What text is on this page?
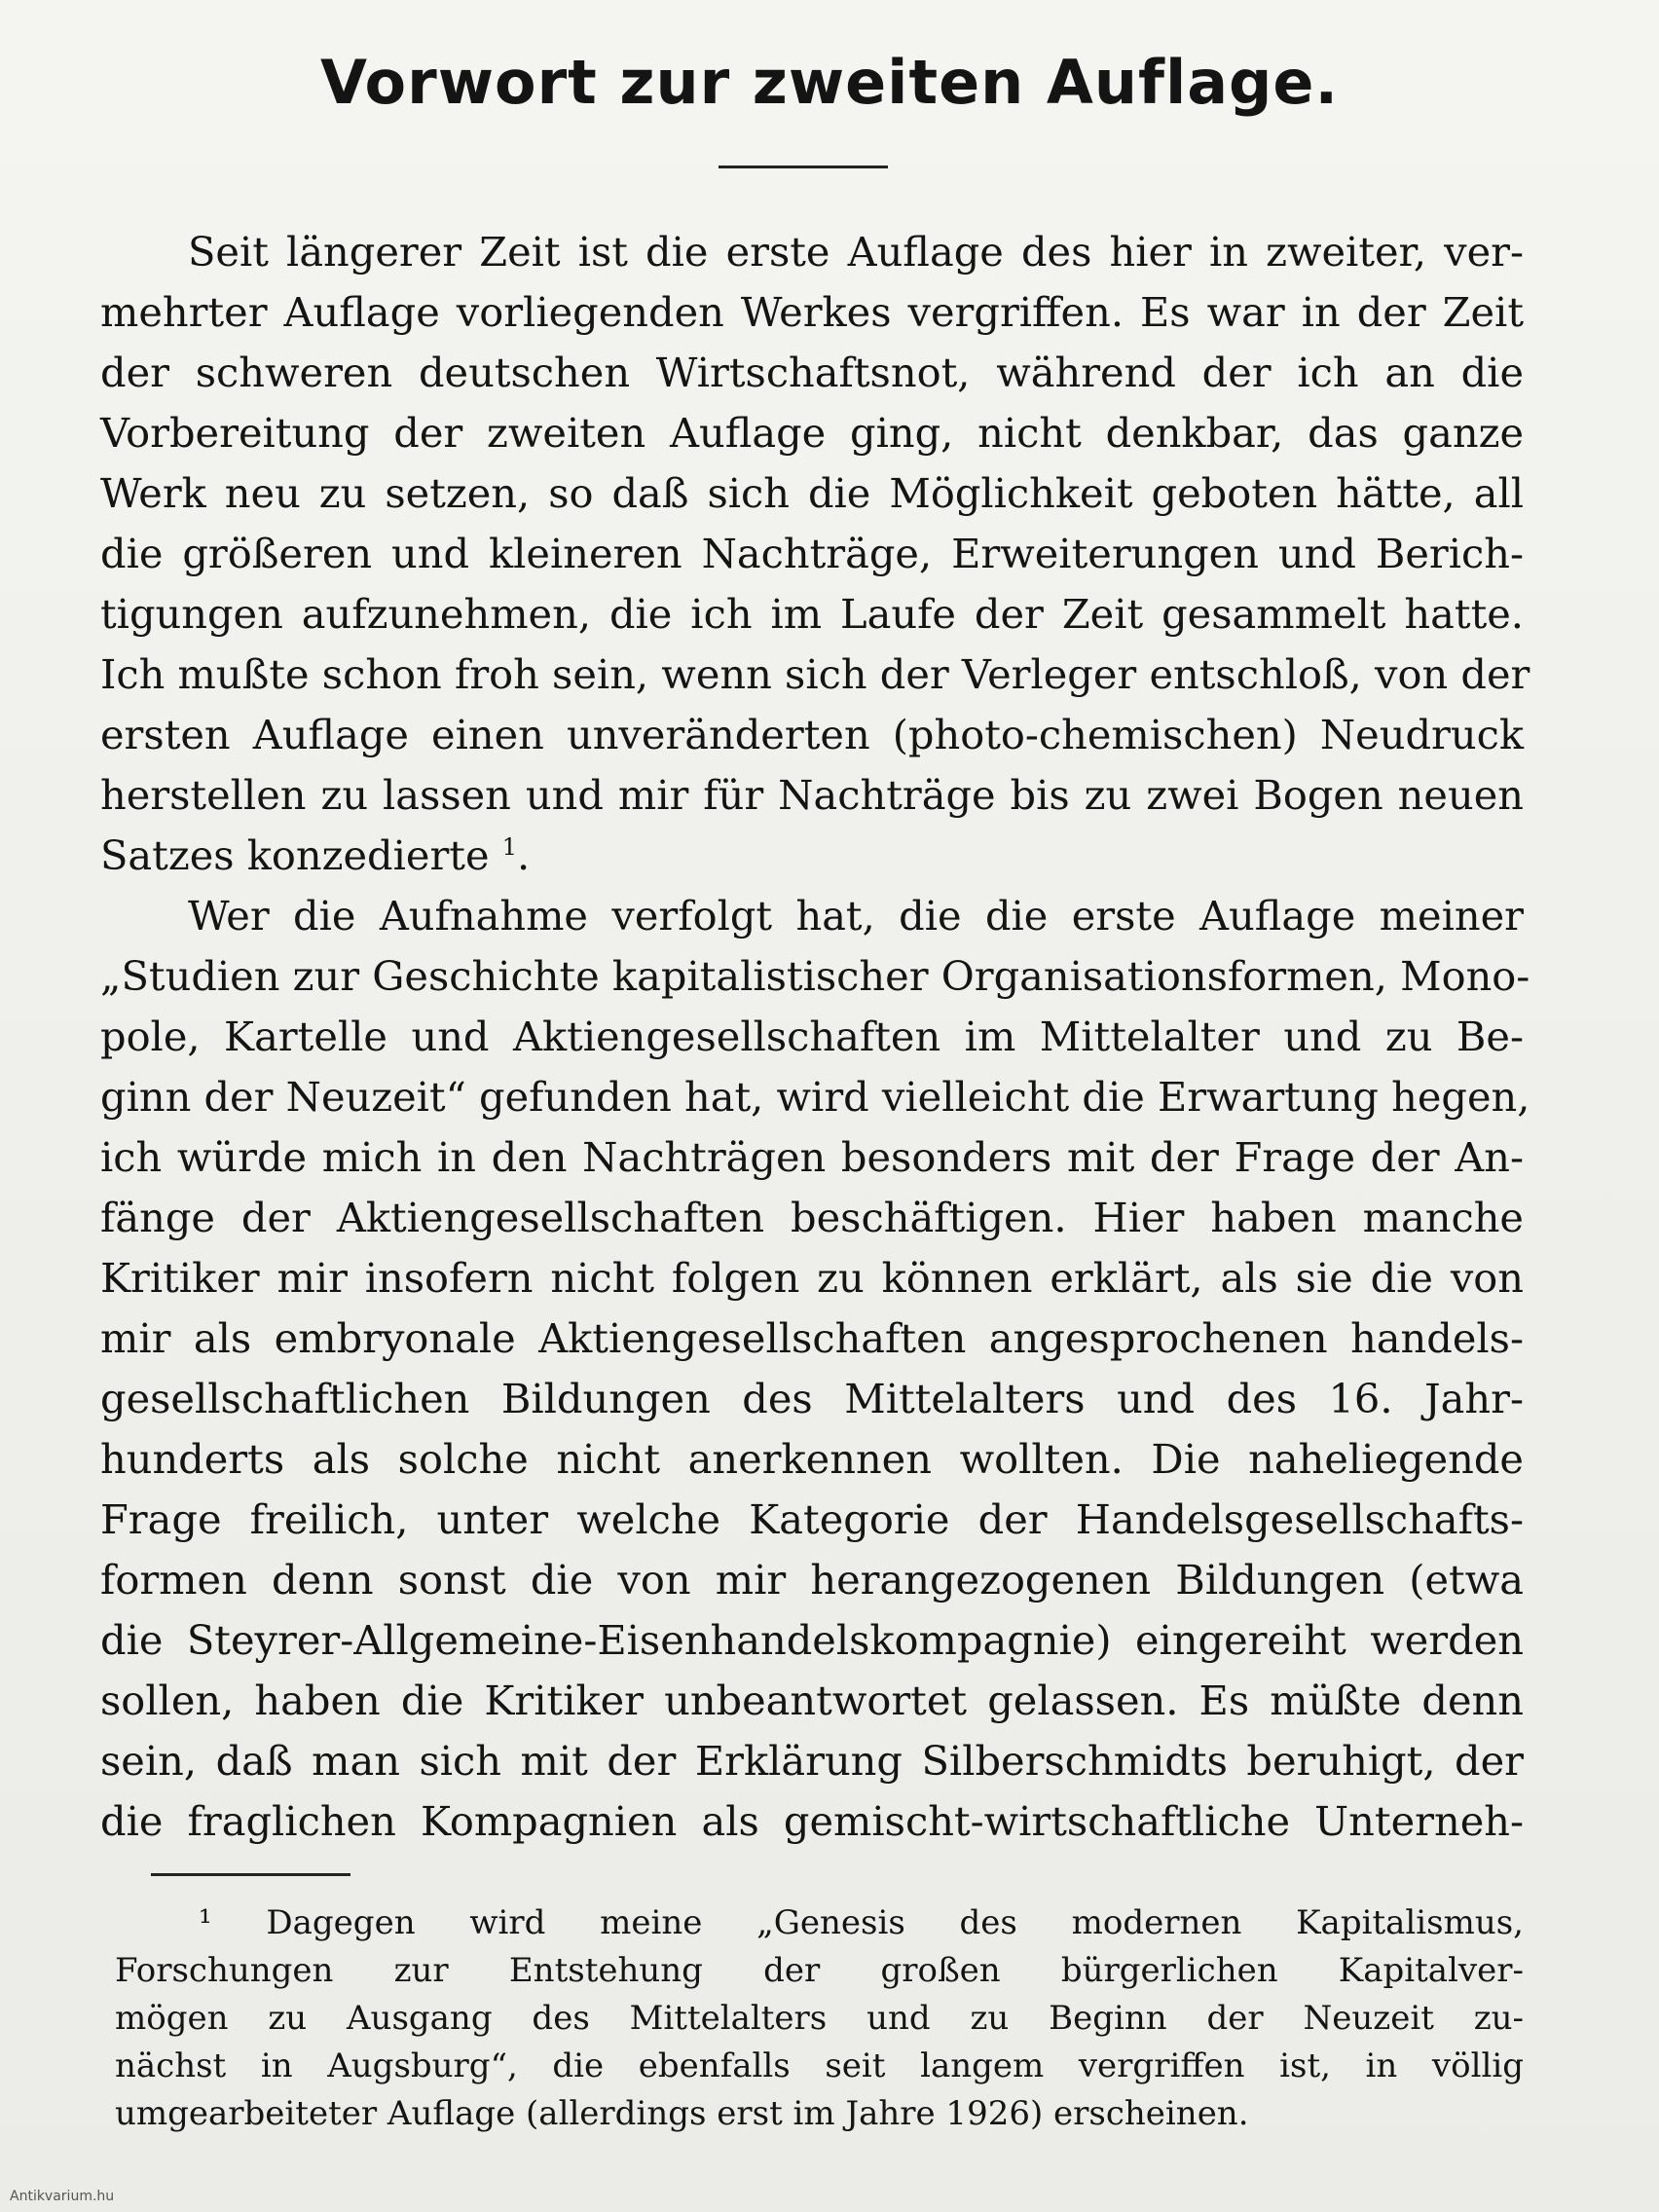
Vorwort zur zweiten Auflage.
Seit längerer Zeit ist die erste Auflage des hier in zweiter, ver-
mehrter Auflage vorliegenden Werkes vergriffen. Es war in der Zeit
der schweren deutschen Wirtschaftsnot, während der ich an die
Vorbereitung der zweiten Auflage ging, nicht denkbar, das ganze
Werk neu zu setzen, so daß sich die Möglichkeit geboten hätte, all
die größeren und kleineren Nachträge, Erweiterungen und Berich-
tigungen aufzunehmen, die ich im Laufe der Zeit gesammelt hatte.
Ich mußte schon froh sein, wenn sich der Verleger entschloß, von der
ersten Auflage einen unveränderten (photo-chemischen) Neudruck
herstellen zu lassen und mir für Nachträge bis zu zwei Bogen neuen
Satzes konzedierte $^1$.
Wer die Aufnahme verfolgt hat, die die erste Auflage meiner
„Studien zur Geschichte kapitalistischer Organisationsformen, Mono-
pole, Kartelle und Aktiengesellschaften im Mittelalter und zu Be-
ginn der Neuzeit“ gefunden hat, wird vielleicht die Erwartung hegen,
ich würde mich in den Nachträgen besonders mit der Frage der An-
fänge der Aktiengesellschaften beschäftigen. Hier haben manche
Kritiker mir insofern nicht folgen zu können erklärt, als sie die von
mir als embryonale Aktiengesellschaften angesprochenen handels-
gesellschaftlichen Bildungen des Mittelalters und des 16. Jahr-
hunderts als solche nicht anerkennen wollten. Die naheliegende
Frage freilich, unter welche Kategorie der Handelsgesellschafts-
formen denn sonst die von mir herangezogenen Bildungen (etwa
die Steyrer-Allgemeine-Eisenhandelskompagnie) eingereiht werden
sollen, haben die Kritiker unbeantwortet gelassen. Es müßte denn
sein, daß man sich mit der Erklärung Silberschmidts beruhigt, der
die fraglichen Kompagnien als gemischt-wirtschaftliche Unterneh-
¹ Dagegen wird meine „Genesis des modernen Kapitalismus,
Forschungen zur Entstehung der großen bürgerlichen Kapitalver-
mögen zu Ausgang des Mittelalters und zu Beginn der Neuzeit zu-
nächst in Augsburg“, die ebenfalls seit langem vergriffen ist, in völlig
umgearbeiteter Auflage (allerdings erst im Jahre 1926) erscheinen.
Antikvarium.hu
